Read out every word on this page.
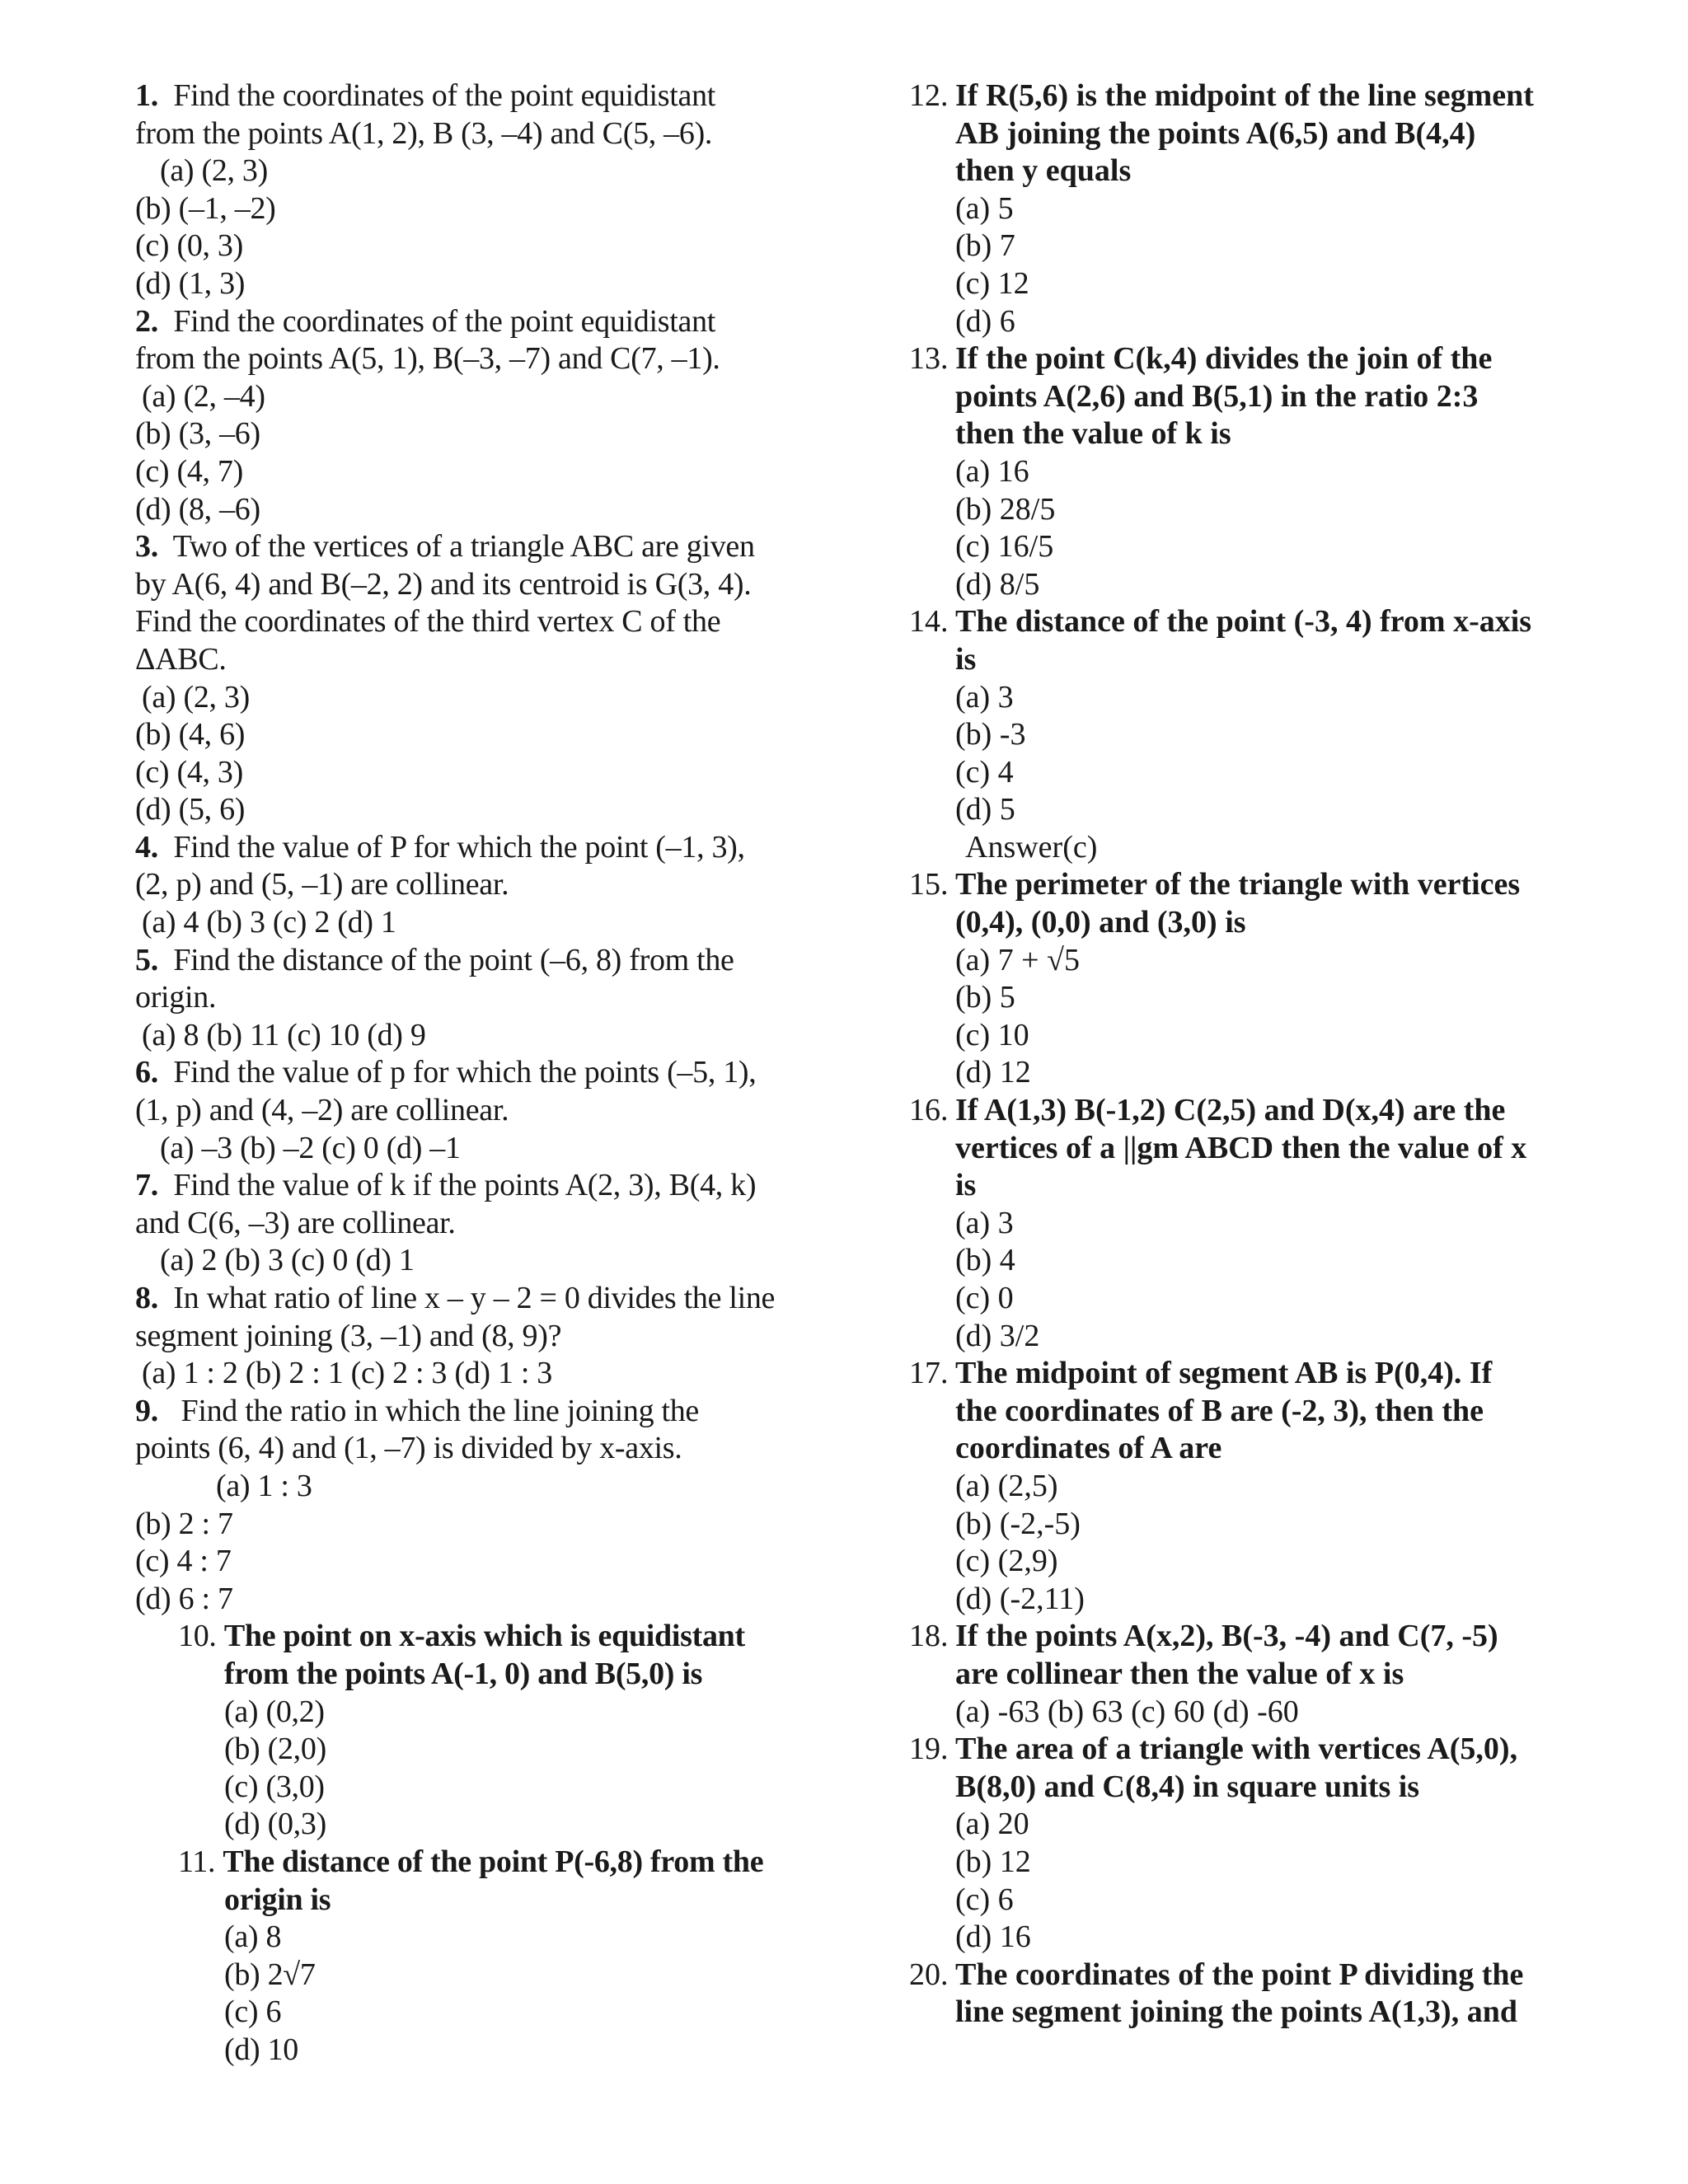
1. Find the coordinates of the point equidistant
from the points A(1, 2), B (3, –4) and C(5, –6).
(a) (2, 3)
(b) (–1, –2)
(c) (0, 3)
(d) (1, 3)
2. Find the coordinates of the point equidistant
from the points A(5, 1), B(–3, –7) and C(7, –1).
(a) (2, –4)
(b) (3, –6)
(c) (4, 7)
(d) (8, –6)
3. Two of the vertices of a triangle ABC are given
by A(6, 4) and B(–2, 2) and its centroid is G(3, 4).
Find the coordinates of the third vertex C of the
ΔABC.
(a) (2, 3)
(b) (4, 6)
(c) (4, 3)
(d) (5, 6)
4. Find the value of P for which the point (–1, 3),
(2, p) and (5, –1) are collinear.
(a) 4 (b) 3 (c) 2 (d) 1
5. Find the distance of the point (–6, 8) from the
origin.
(a) 8 (b) 11 (c) 10 (d) 9
6. Find the value of p for which the points (–5, 1),
(1, p) and (4, –2) are collinear.
(a) –3 (b) –2 (c) 0 (d) –1
7. Find the value of k if the points A(2, 3), B(4, k)
and C(6, –3) are collinear.
(a) 2 (b) 3 (c) 0 (d) 1
8. In what ratio of line x – y – 2 = 0 divides the line
segment joining (3, –1) and (8, 9)?
(a) 1 : 2 (b) 2 : 1 (c) 2 : 3 (d) 1 : 3
9. Find the ratio in which the line joining the
points (6, 4) and (1, –7) is divided by x-axis.
(a) 1 : 3
(b) 2 : 7
(c) 4 : 7
(d) 6 : 7
10. The point on x-axis which is equidistant
from the points A(-1, 0) and B(5,0) is
(a) (0,2)
(b) (2,0)
(c) (3,0)
(d) (0,3)
11. The distance of the point P(-6,8) from the
origin is
(a) 8
(b) 2√7
(c) 6
(d) 10
12. If R(5,6) is the midpoint of the line segment
AB joining the points A(6,5) and B(4,4)
then y equals
(a) 5
(b) 7
(c) 12
(d) 6
13. If the point C(k,4) divides the join of the
points A(2,6) and B(5,1) in the ratio 2:3
then the value of k is
(a) 16
(b) 28/5
(c) 16/5
(d) 8/5
14. The distance of the point (-3, 4) from x-axis
is
(a) 3
(b) -3
(c) 4
(d) 5
Answer(c)
15. The perimeter of the triangle with vertices
(0,4), (0,0) and (3,0) is
(a) 7 + √5
(b) 5
(c) 10
(d) 12
16. If A(1,3) B(-1,2) C(2,5) and D(x,4) are the
vertices of a ||gm ABCD then the value of x
is
(a) 3
(b) 4
(c) 0
(d) 3/2
17. The midpoint of segment AB is P(0,4). If
the coordinates of B are (-2, 3), then the
coordinates of A are
(a) (2,5)
(b) (-2,-5)
(c) (2,9)
(d) (-2,11)
18. If the points A(x,2), B(-3, -4) and C(7, -5)
are collinear then the value of x is
(a) -63 (b) 63 (c) 60 (d) -60
19. The area of a triangle with vertices A(5,0),
B(8,0) and C(8,4) in square units is
(a) 20
(b) 12
(c) 6
(d) 16
20. The coordinates of the point P dividing the
line segment joining the points A(1,3), and
